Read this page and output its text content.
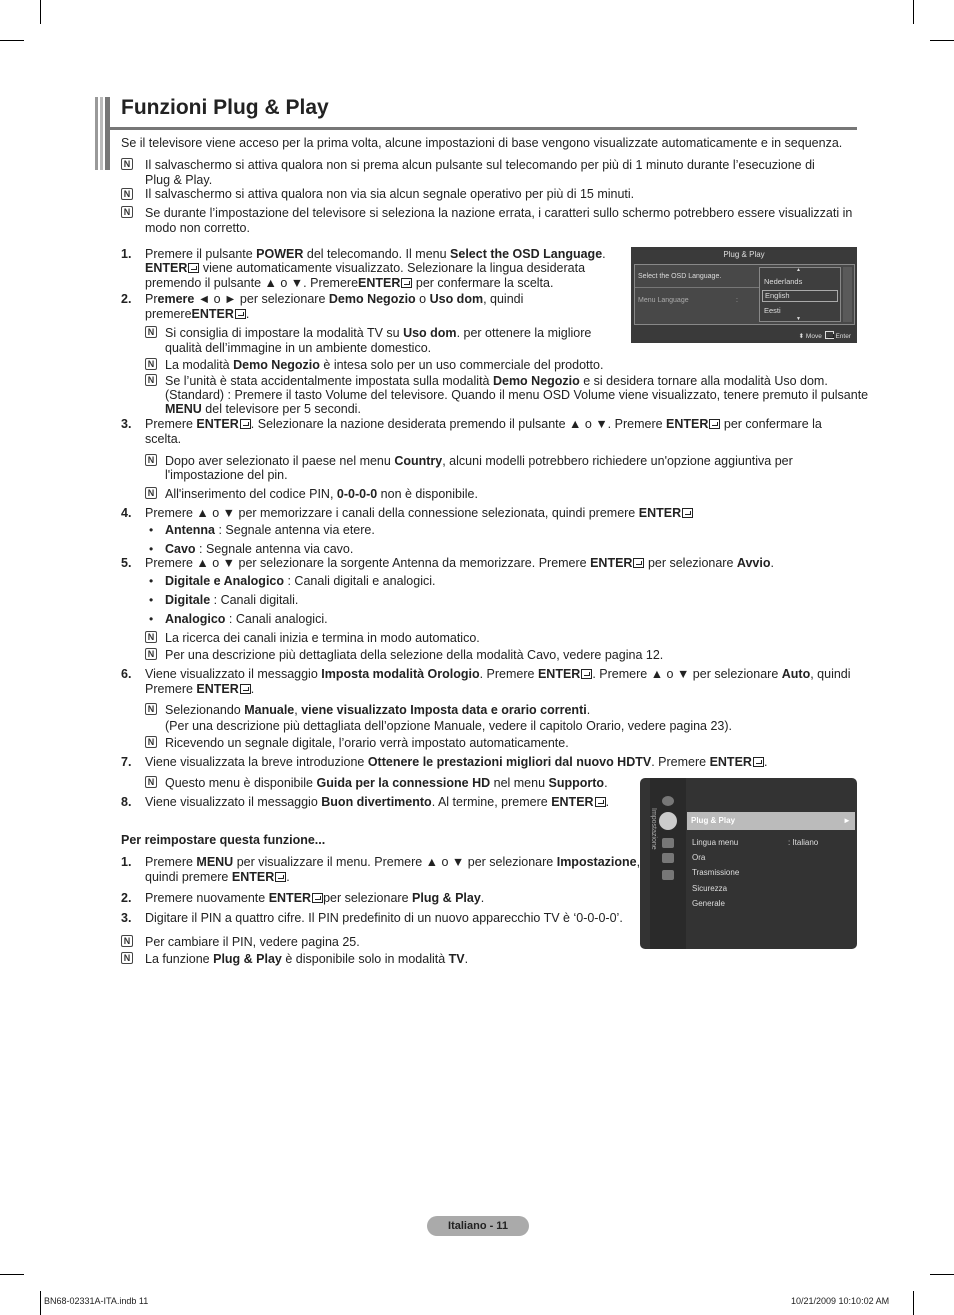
Funzioni Plug & Play
Se il televisore viene acceso per la prima volta, alcune impostazioni di base vengono visualizzate automaticamente e in sequenza.
N Il salvaschermo si attiva qualora non si prema alcun pulsante sul telecomando per più di 1 minuto durante l’esecuzione di
Plug & Play.
N Il salvaschermo si attiva qualora non via sia alcun segnale operativo per più di 15 minuti.
N Se durante l’impostazione del televisore si seleziona la nazione errata, i caratteri sullo schermo potrebbero essere visualizzati in
modo non corretto.
1. Premere il pulsante POWER del telecomando. Il menu Select the OSD Language.
ENTER viene automaticamente visualizzato. Selezionare la lingua desiderata
premendo il pulsante ▲ o ▼. PremereENTER per confermare la scelta.
2. Premere ◄ o ► per selezionare Demo Negozio o Uso dom, quindi
premereENTER .
N Si consiglia di impostare la modalità TV su Uso dom. per ottenere la migliore
qualità dell’immagine in un ambiente domestico.
N La modalità Demo Negozio è intesa solo per un uso commerciale del prodotto.
N Se l’unità è stata accidentalmente impostata sulla modalità Demo Negozio e si desidera tornare alla modalità Uso dom.
(Standard) : Premere il tasto Volume del televisore. Quando il menu OSD Volume viene visualizzato, tenere premuto il pulsante
MENU del televisore per 5 secondi.
3. Premere ENTER . Selezionare la nazione desiderata premendo il pulsante ▲ o ▼. Premere ENTER per confermare la
scelta.
N Dopo aver selezionato il paese nel menu Country, alcuni modelli potrebbero richiedere un'opzione aggiuntiva per
l'impostazione del pin.
N All'inserimento del codice PIN, 0-0-0-0 non è disponibile.
4. Premere ▲ o ▼ per memorizzare i canali della connessione selezionata, quindi premere ENTER
• Antenna : Segnale antenna via etere.
• Cavo : Segnale antenna via cavo.
5. Premere ▲ o ▼ per selezionare la sorgente Antenna da memorizzare. Premere ENTER per selezionare Avvio.
• Digitale e Analogico : Canali digitali e analogici.
• Digitale : Canali digitali.
• Analogico : Canali analogici.
N La ricerca dei canali inizia e termina in modo automatico.
N Per una descrizione più dettagliata della selezione della modalità Cavo, vedere pagina 12.
6. Viene visualizzato il messaggio Imposta modalità Orologio. Premere ENTER . Premere ▲ o ▼ per selezionare Auto, quindi
Premere ENTER .
N Selezionando Manuale, viene visualizzato Imposta data e orario correnti.
(Per una descrizione più dettagliata dell’opzione Manuale, vedere il capitolo Orario, vedere pagina 23).
N Ricevendo un segnale digitale, l’orario verrà impostato automaticamente.
7. Viene visualizzata la breve introduzione Ottenere le prestazioni migliori dal nuovo HDTV. Premere ENTER .
N Questo menu è disponibile Guida per la connessione HD nel menu Supporto.
8. Viene visualizzato il messaggio Buon divertimento. Al termine, premere ENTER .
Per reimpostare questa funzione...
1. Premere MENU per visualizzare il menu. Premere ▲ o ▼ per selezionare Impostazione,
quindi premere ENTER .
2. Premere nuovamente ENTER per selezionare Plug & Play.
3. Digitare il PIN a quattro cifre. Il PIN predefinito di un nuovo apparecchio TV è ‘0-0-0-0’.
N Per cambiare il PIN, vedere pagina 25.
N La funzione Plug & Play è disponibile solo in modalità TV.
Plug & Play
Select the OSD Language.
Menu Language	:
▲
Nederlands
English
Eesti
▼
⬍ Move Enter
Impostazione	Plug & Play	►
Lingua menu	: Italiano
Ora
Trasmissione
Sicurezza
Generale
Italiano - 11
BN68-02331A-ITA.indb 11	10/21/2009 10:10:02 AM
